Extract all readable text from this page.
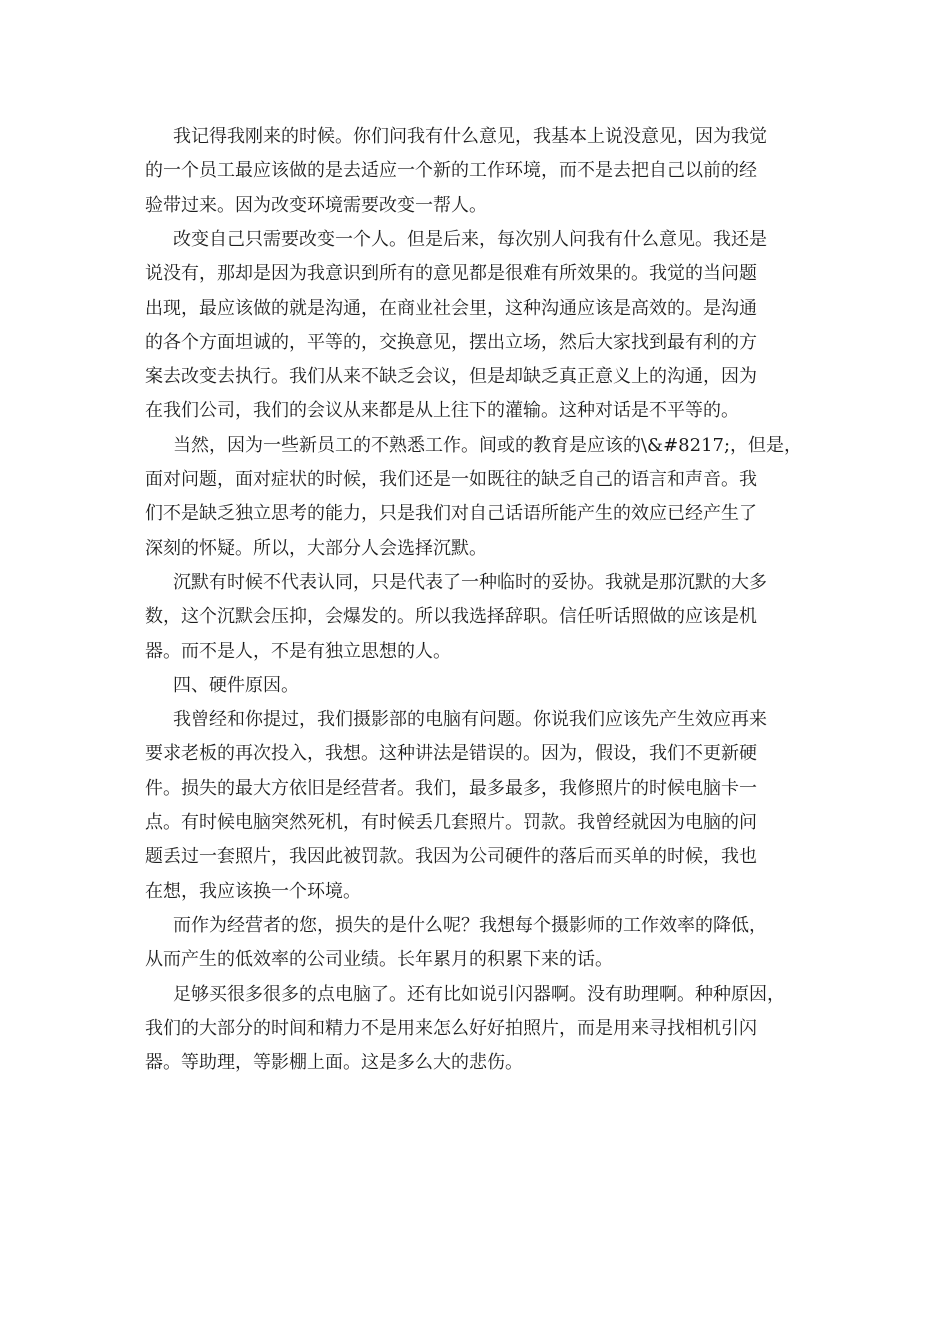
我记得我刚来的时候。你们问我有什么意见，我基本上说没意见，因为我觉
的一个员工最应该做的是去适应一个新的工作环境，而不是去把自己以前的经
验带过来。因为改变环境需要改变一帮人。
改变自己只需要改变一个人。但是后来，每次别人问我有什么意见。我还是
说没有，那却是因为我意识到所有的意见都是很难有所效果的。我觉的当问题
出现，最应该做的就是沟通，在商业社会里，这种沟通应该是高效的。是沟通
的各个方面坦诚的，平等的，交换意见，摆出立场，然后大家找到最有利的方
案去改变去执行。我们从来不缺乏会议，但是却缺乏真正意义上的沟通，因为
在我们公司，我们的会议从来都是从上往下的灌输。这种对话是不平等的。
当然，因为一些新员工的不熟悉工作。间或的教育是应该的\&#8217;，但是，
面对问题，面对症状的时候，我们还是一如既往的缺乏自己的语言和声音。我
们不是缺乏独立思考的能力，只是我们对自己话语所能产生的效应已经产生了
深刻的怀疑。所以，大部分人会选择沉默。
沉默有时候不代表认同，只是代表了一种临时的妥协。我就是那沉默的大多
数，这个沉默会压抑，会爆发的。所以我选择辞职。信任听话照做的应该是机
器。而不是人，不是有独立思想的人。
四、硬件原因。
我曾经和你提过，我们摄影部的电脑有问题。你说我们应该先产生效应再来
要求老板的再次投入，我想。这种讲法是错误的。因为，假设，我们不更新硬
件。损失的最大方依旧是经营者。我们，最多最多，我修照片的时候电脑卡一
点。有时候电脑突然死机，有时候丢几套照片。罚款。我曾经就因为电脑的问
题丢过一套照片，我因此被罚款。我因为公司硬件的落后而买单的时候，我也
在想，我应该换一个环境。
而作为经营者的您，损失的是什么呢？我想每个摄影师的工作效率的降低，
从而产生的低效率的公司业绩。长年累月的积累下来的话。
足够买很多很多的点电脑了。还有比如说引闪器啊。没有助理啊。种种原因，
我们的大部分的时间和精力不是用来怎么好好拍照片，而是用来寻找相机引闪
器。等助理，等影棚上面。这是多么大的悲伤。
